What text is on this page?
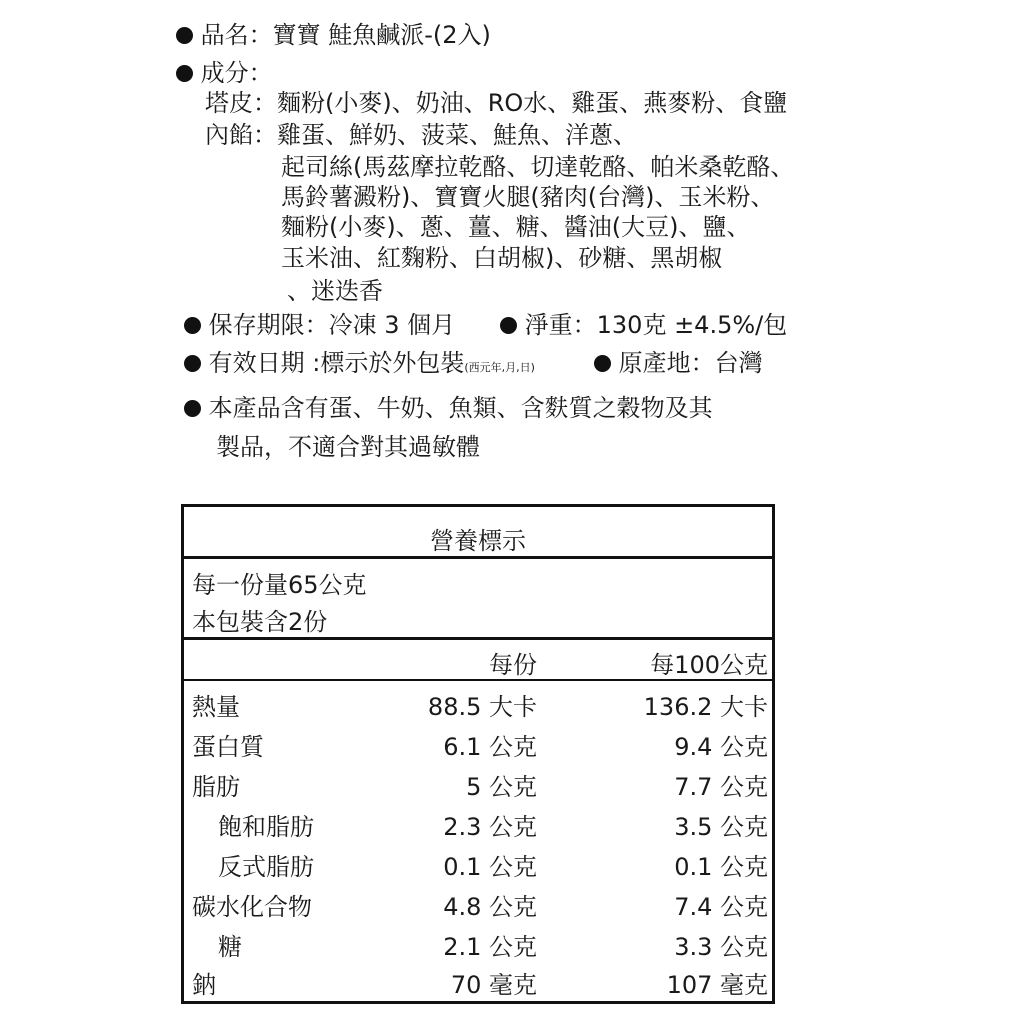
品名：寶寶 鮭魚鹹派-(2入)
成分：
塔皮：麵粉(小麥)、奶油、RO水、雞蛋、燕麥粉、食鹽
內餡：雞蛋、鮮奶、菠菜、鮭魚、洋蔥、
起司絲(馬茲摩拉乾酪、切達乾酪、帕米桑乾酪、
馬鈴薯澱粉)、寶寶火腿(豬肉(台灣)、玉米粉、
麵粉(小麥)、蔥、薑、糖、醬油(大豆)、鹽、
玉米油、紅麴粉、白胡椒)、砂糖、黑胡椒
、迷迭香
保存期限：冷凍 3 個月	淨重：130克 ±4.5%/包
有效日期 :標示於外包裝(西元年,月,日)	原產地：台灣
本產品含有蛋、牛奶、魚類、含麩質之穀物及其
製品，不適合對其過敏體
營養標示
每一份量65公克
本包裝含2份
每份	每100公克
熱量	88.5 大卡	136.2 大卡
蛋白質	6.1 公克	9.4 公克
脂肪	5 公克	7.7 公克
飽和脂肪	2.3 公克	3.5 公克
反式脂肪	0.1 公克	0.1 公克
碳水化合物	4.8 公克	7.4 公克
糖	2.1 公克	3.3 公克
鈉	70 毫克	107 毫克
